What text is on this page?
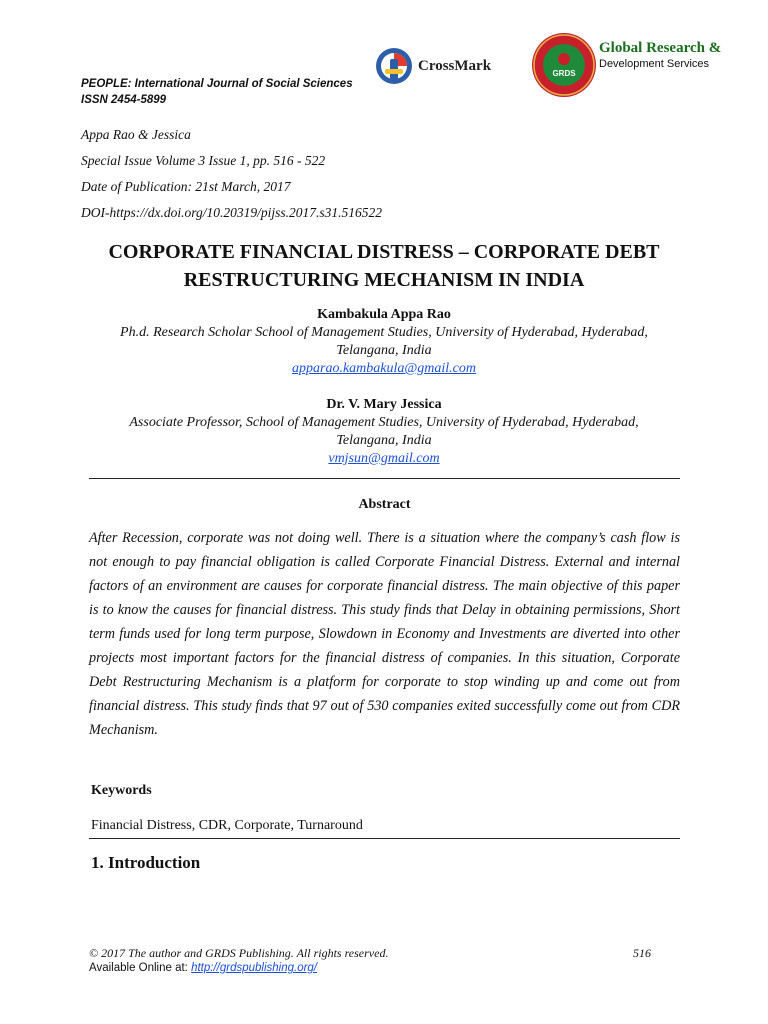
CrossMark	GRDS
Global Research &
Development Services
PEOPLE: International Journal of Social Sciences
ISSN 2454-5899
Appa Rao & Jessica
Special Issue Volume 3 Issue 1, pp. 516 - 522
Date of Publication: 21st March, 2017
DOI-https://dx.doi.org/10.20319/pijss.2017.s31.516522
CORPORATE FINANCIAL DISTRESS – CORPORATE DEBT
RESTRUCTURING MECHANISM IN INDIA
Kambakula Appa Rao
Ph.d. Research Scholar School of Management Studies, University of Hyderabad, Hyderabad,
Telangana, India
apparao.kambakula@gmail.com
Dr. V. Mary Jessica
Associate Professor, School of Management Studies, University of Hyderabad, Hyderabad,
Telangana, India
vmjsun@gmail.com
Abstract
After Recession, corporate was not doing well. There is a situation where the company’s cash flow is not enough to pay financial obligation is called Corporate Financial Distress. External and internal factors of an environment are causes for corporate financial distress. The main objective of this paper is to know the causes for financial distress. This study finds that Delay in obtaining permissions, Short term funds used for long term purpose, Slowdown in Economy and Investments are diverted into other projects most important factors for the financial distress of companies. In this situation, Corporate Debt Restructuring Mechanism is a platform for corporate to stop winding up and come out from financial distress. This study finds that 97 out of 530 companies exited successfully come out from CDR Mechanism.
Keywords
Financial Distress, CDR, Corporate, Turnaround
1. Introduction
© 2017 The author and GRDS Publishing. All rights reserved.
Available Online at: http://grdspublishing.org/
516
